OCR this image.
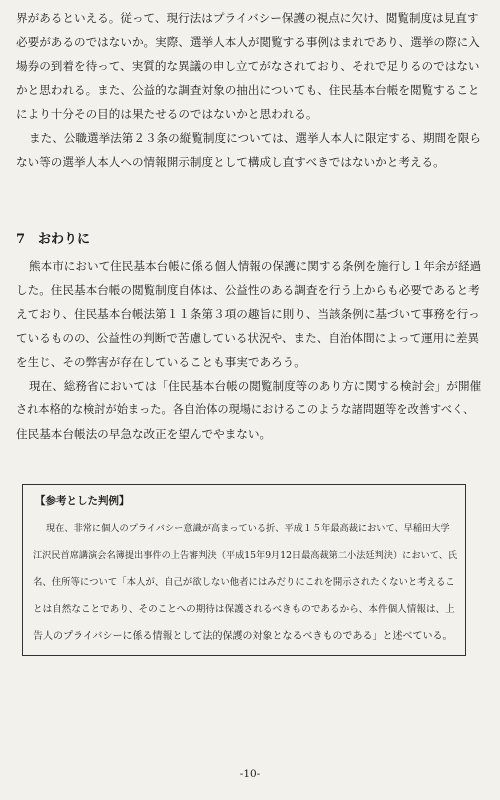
界があるといえる。従って、現行法はプライバシー保護の視点に欠け、閲覧制度は見直す
必要があるのではないか。実際、選挙人本人が閲覧する事例はまれであり、選挙の際に入
場券の到着を待って、実質的な異議の申し立てがなされており、それで足りるのではない
かと思われる。また、公益的な調査対象の抽出についても、住民基本台帳を閲覧すること
により十分その目的は果たせるのではないかと思われる。
また、公職選挙法第２３条の縦覧制度については、選挙人本人に限定する、期間を限ら
ない等の選挙人本人への情報開示制度として構成し直すべきではないかと考える。
7 おわりに
熊本市において住民基本台帳に係る個人情報の保護に関する条例を施行し１年余が経過
した。住民基本台帳の閲覧制度自体は、公益性のある調査を行う上からも必要であると考
えており、住民基本台帳法第１１条第３項の趣旨に則り、当該条例に基づいて事務を行っ
ているものの、公益性の判断で苦慮している状況や、また、自治体間によって運用に差異
を生じ、その弊害が存在していることも事実であろう。
現在、総務省においては「住民基本台帳の閲覧制度等のあり方に関する検討会」が開催
され本格的な検討が始まった。各自治体の現場におけるこのような諸問題等を改善すべく、
住民基本台帳法の早急な改正を望んでやまない。
【参考とした判例】
現在、非常に個人のプライバシー意識が高まっている折、平成１５年最高裁において、早稲田大学
江沢民首席講演会名簿提出事件の上告審判決（平成15年9月12日最高裁第二小法廷判決）において、氏
名、住所等について「本人が、自己が欲しない他者にはみだりにこれを開示されたくないと考えるこ
とは自然なことであり、そのことへの期待は保護されるべきものであるから、本件個人情報は、上
告人のプライバシーに係る情報として法的保護の対象となるべきものである」と述べている。
-10-
